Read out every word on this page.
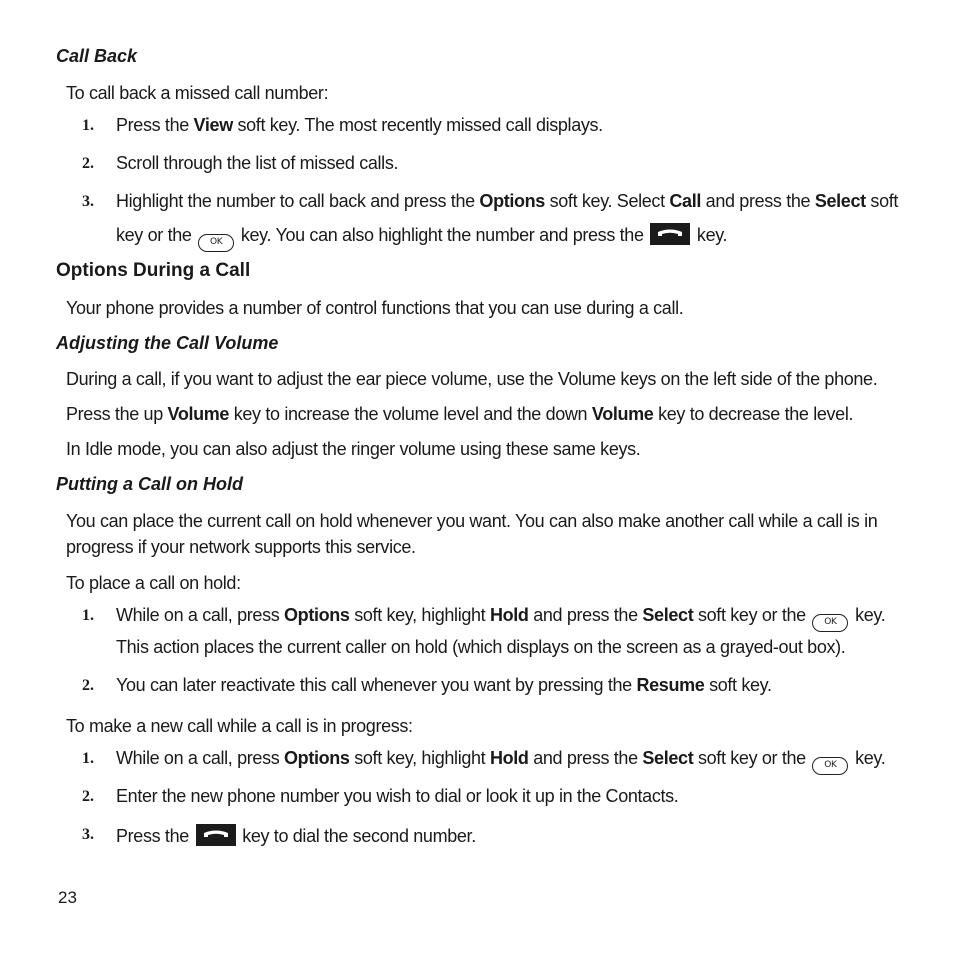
Call Back
To call back a missed call number:
1. Press the View soft key. The most recently missed call displays.
2. Scroll through the list of missed calls.
3. Highlight the number to call back and press the Options soft key. Select Call and press the Select soft
key or the OK key. You can also highlight the number and press the
key.
Options During a Call
Your phone provides a number of control functions that you can use during a call.
Adjusting the Call Volume
During a call, if you want to adjust the ear piece volume, use the Volume keys on the left side of the phone.
Press the up Volume key to increase the volume level and the down Volume key to decrease the level.
In Idle mode, you can also adjust the ringer volume using these same keys.
Putting a Call on Hold
You can place the current call on hold whenever you want. You can also make another call while a call is in
progress if your network supports this service.
To place a call on hold:
1. While on a call, press Options soft key, highlight Hold and press the Select soft key or the OK key.
This action places the current caller on hold (which displays on the screen as a grayed-out box).
2. You can later reactivate this call whenever you want by pressing the Resume soft key.
To make a new call while a call is in progress:
1. While on a call, press Options soft key, highlight Hold and press the Select soft key or the OK key.
2. Enter the new phone number you wish to dial or look it up in the Contacts.
3. Press the
key to dial the second number.
23
